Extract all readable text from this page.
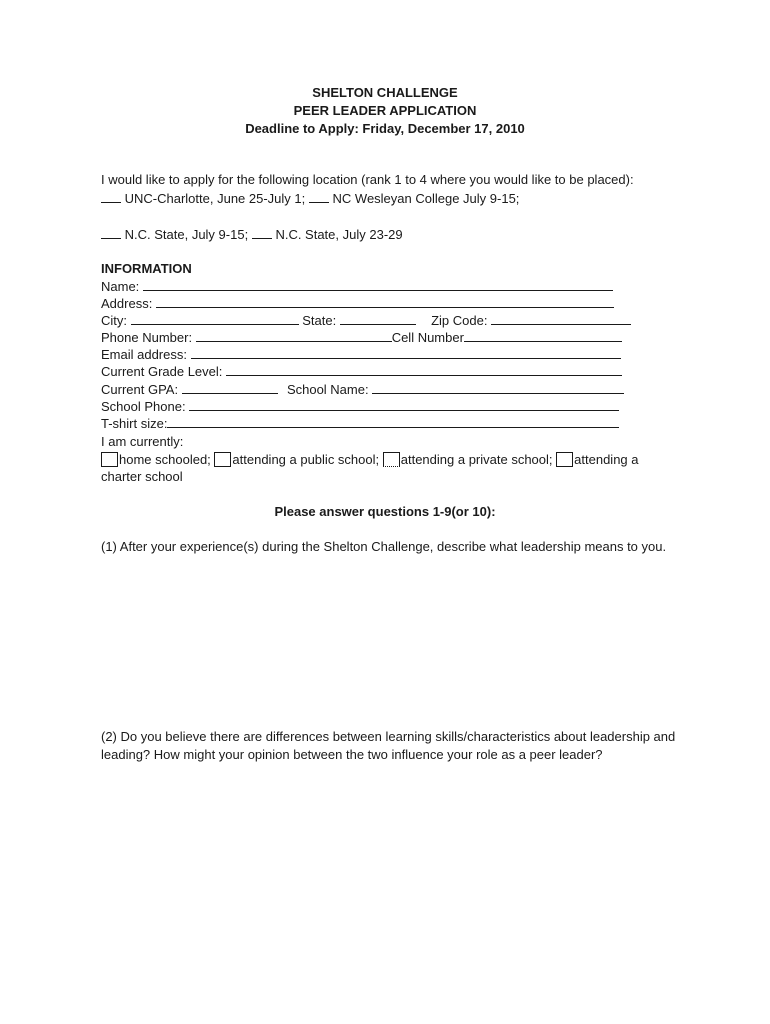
SHELTON CHALLENGE
PEER LEADER APPLICATION
Deadline to Apply: Friday, December 17, 2010
I would like to apply for the following location (rank 1 to 4 where you would like to be placed):
UNC-Charlotte, June 25-July 1; NC Wesleyan College July 9-15;
N.C. State, July 9-15; N.C. State, July 23-29
INFORMATION
Name:
Address:
City:	State:	Zip Code:
Phone Number:	Cell Number
Email address:
Current Grade Level:
Current GPA:	School Name:
School Phone:
T-shirt size:
I am currently:
home schooled; attending a public school; attending a private school; attending a
charter school
Please answer questions 1-9(or 10):
(1) After your experience(s) during the Shelton Challenge, describe what leadership means to you.
(2) Do you believe there are differences between learning skills/characteristics about leadership and
leading? How might your opinion between the two influence your role as a peer leader?
